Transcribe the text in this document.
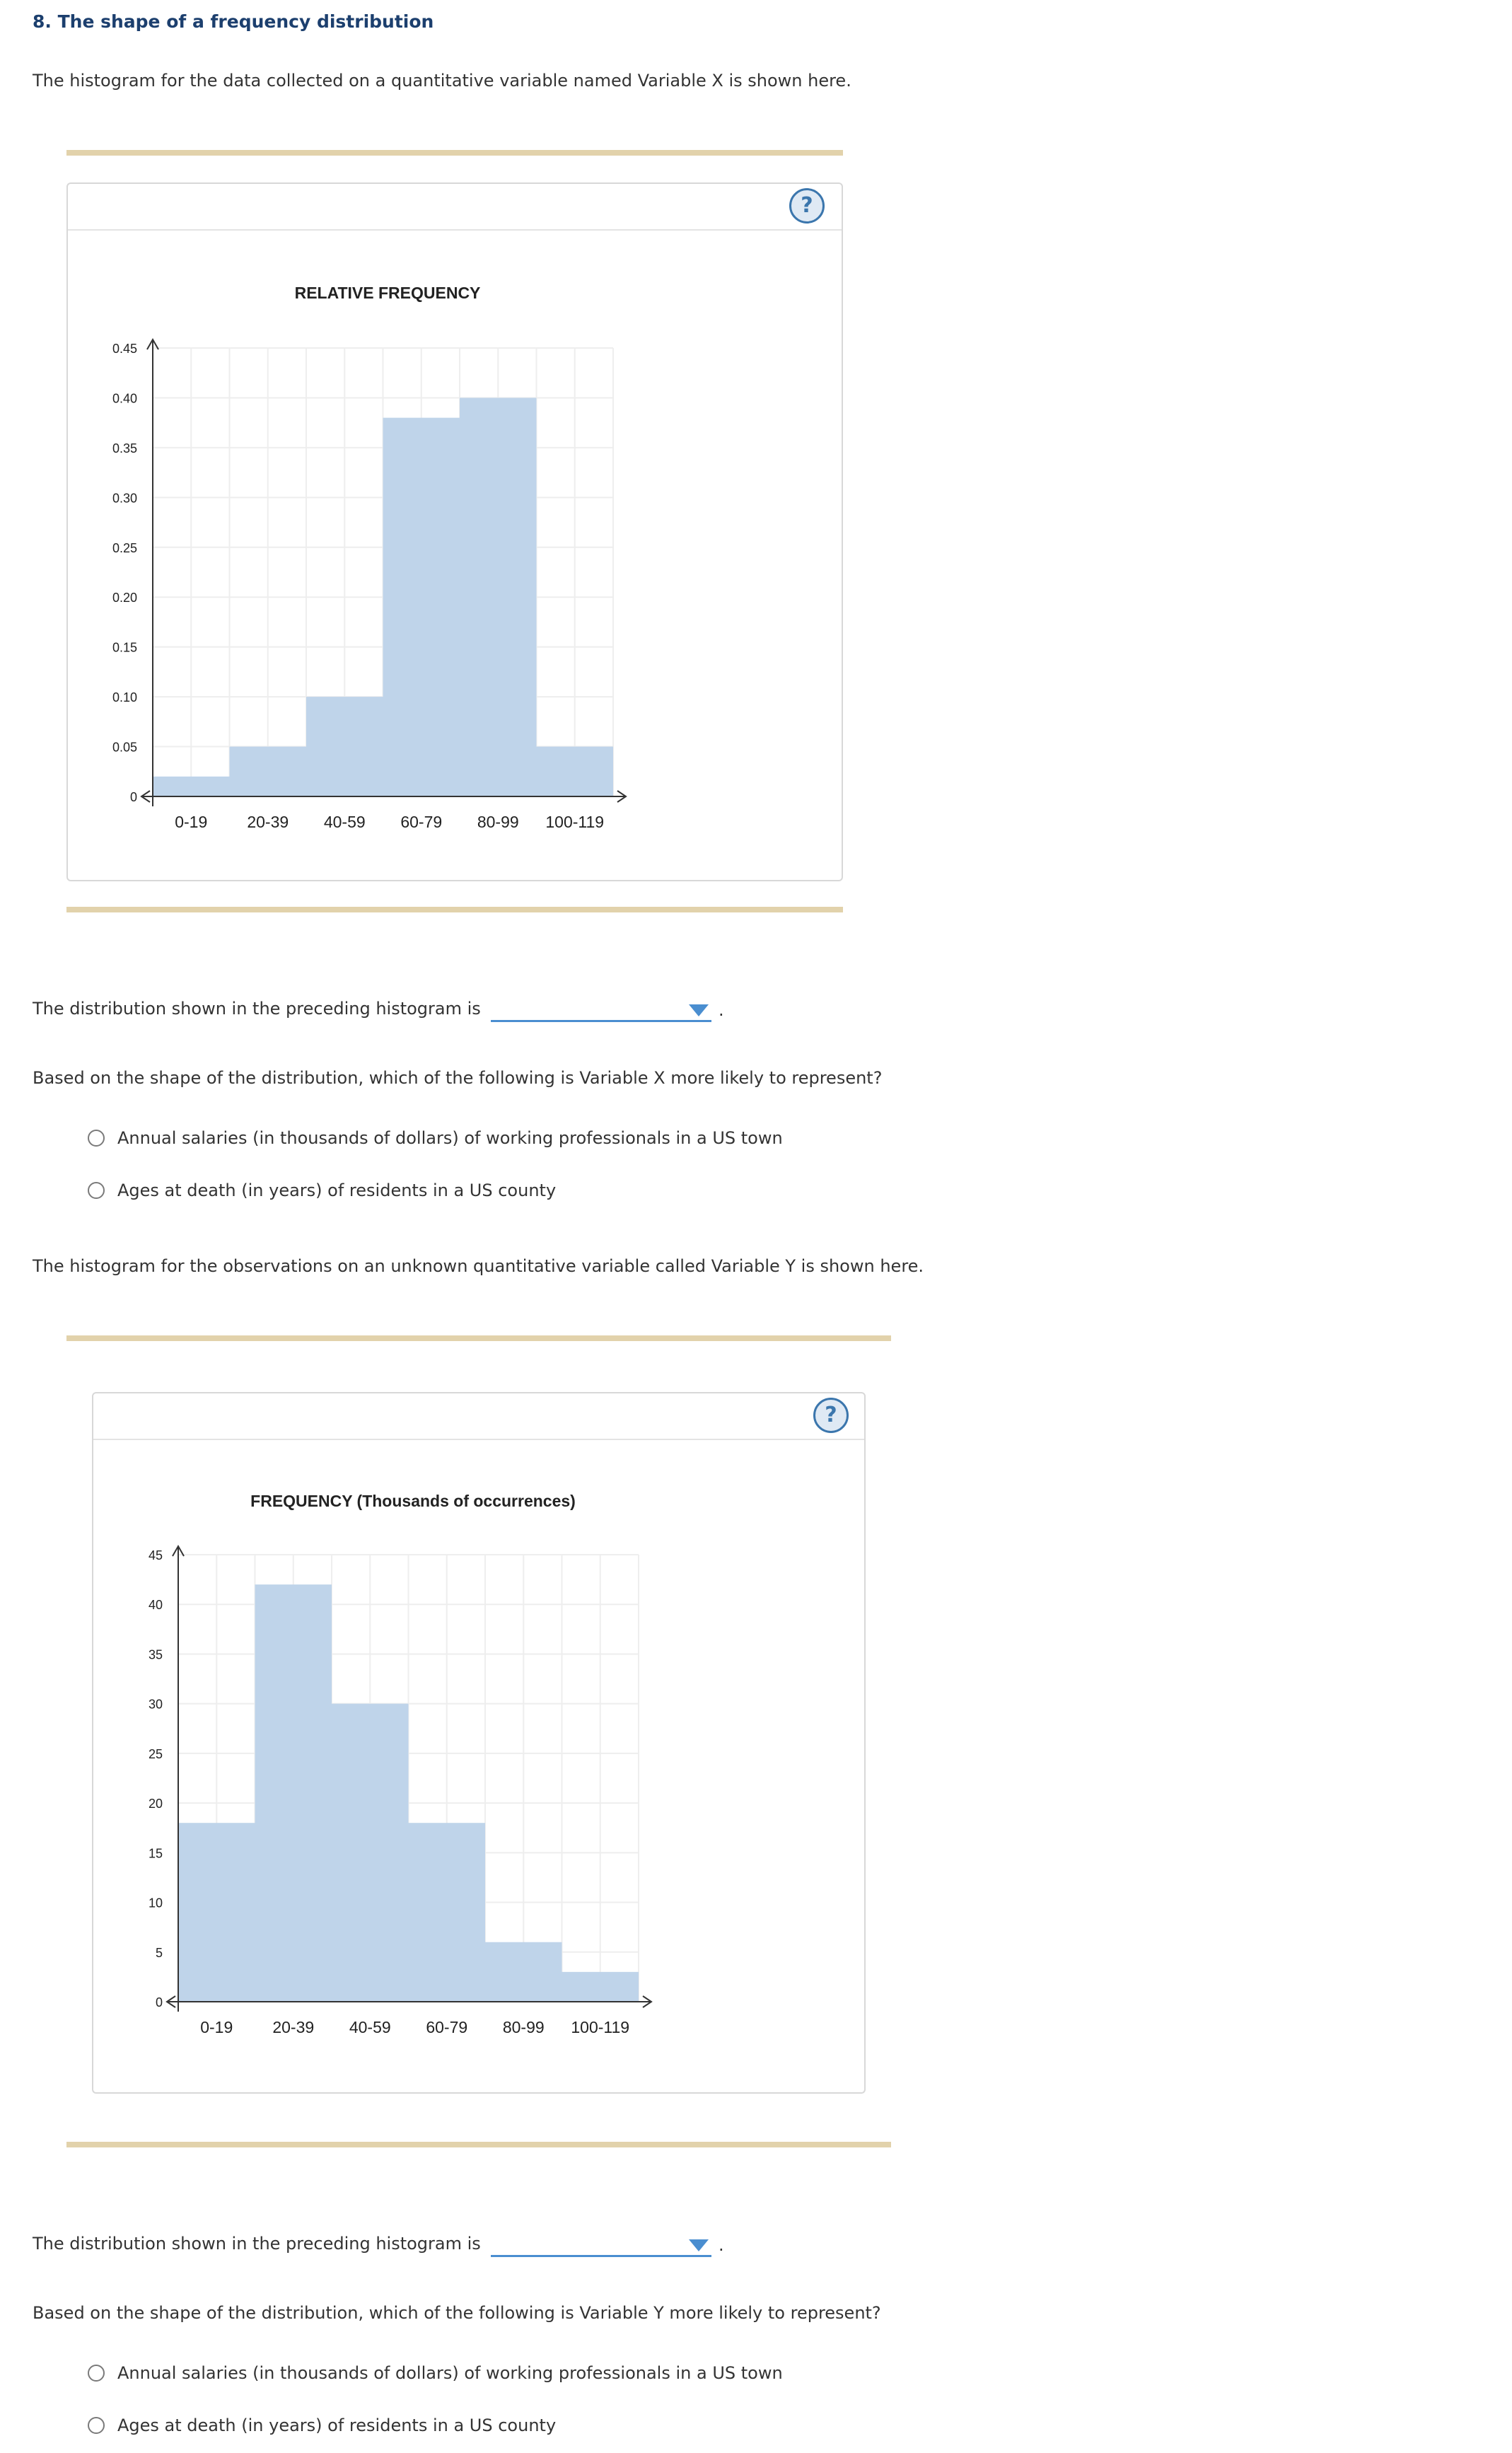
8. The shape of a frequency distribution

The histogram for the data collected on a quantitative variable named Variable X is shown here.

?
RELATIVE FREQUENCY
0
0.05
0.10
0.15
0.20
0.25
0.30
0.35
0.40
0.45
0-19 20-39 40-59 60-79 80-99 100-119

The distribution shown in the preceding histogram is	.

Based on the shape of the distribution, which of the following is Variable X more likely to represent?

Annual salaries (in thousands of dollars) of working professionals in a US town
Ages at death (in years) of residents in a US county

The histogram for the observations on an unknown quantitative variable called Variable Y is shown here.

?
FREQUENCY (Thousands of occurrences)
0
5
10
15
20
25
30
35
40
45
0-19 20-39 40-59 60-79 80-99 100-119

The distribution shown in the preceding histogram is	.

Based on the shape of the distribution, which of the following is Variable Y more likely to represent?

Annual salaries (in thousands of dollars) of working professionals in a US town
Ages at death (in years) of residents in a US county
